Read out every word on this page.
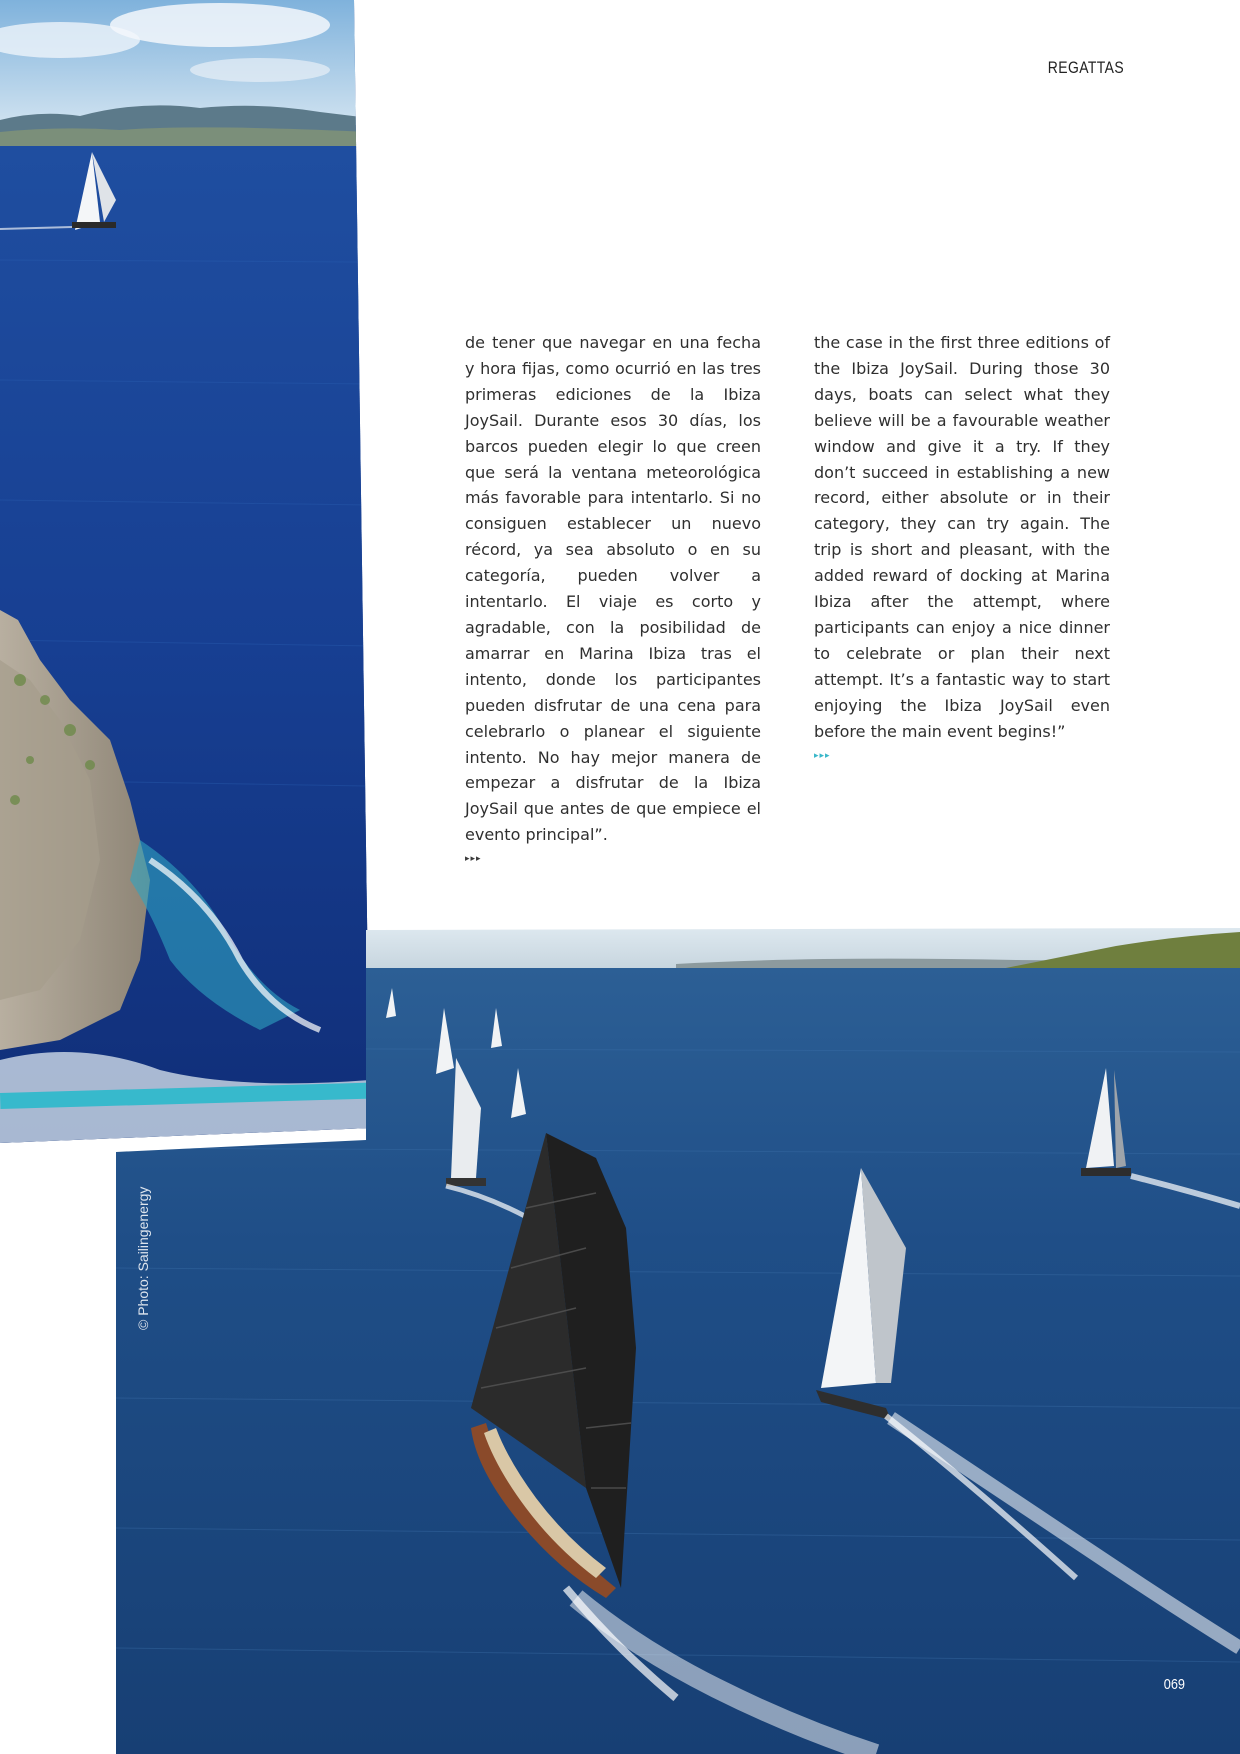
REGATTAS

de tener que navegar en una fecha y hora fijas, como ocurrió en las tres primeras ediciones de la Ibiza JoySail. Durante esos 30 días, los barcos pueden elegir lo que creen que será la ventana meteorológica más favorable para intentarlo. Si no consiguen establecer un nuevo récord, ya sea absoluto o en su categoría, pueden volver a intentarlo. El viaje es corto y agradable, con la posibilidad de amarrar en Marina Ibiza tras el intento, donde los participantes pueden disfrutar de una cena para celebrarlo o planear el siguiente intento. No hay mejor manera de empezar a disfrutar de la Ibiza JoySail que antes de que empiece el evento principal”.

▸▸▸

the case in the first three editions of the Ibiza JoySail. During those 30 days, boats can select what they believe will be a favourable weather window and give it a try. If they don’t succeed in establishing a new record, either absolute or in their category, they can try again. The trip is short and pleasant, with the added reward of docking at Marina Ibiza after the attempt, where participants can enjoy a nice dinner to celebrate or plan their next attempt. It’s a fantastic way to start enjoying the Ibiza JoySail even before the main event begins!”

▸▸▸
© Photo: Sailingenergy
069
